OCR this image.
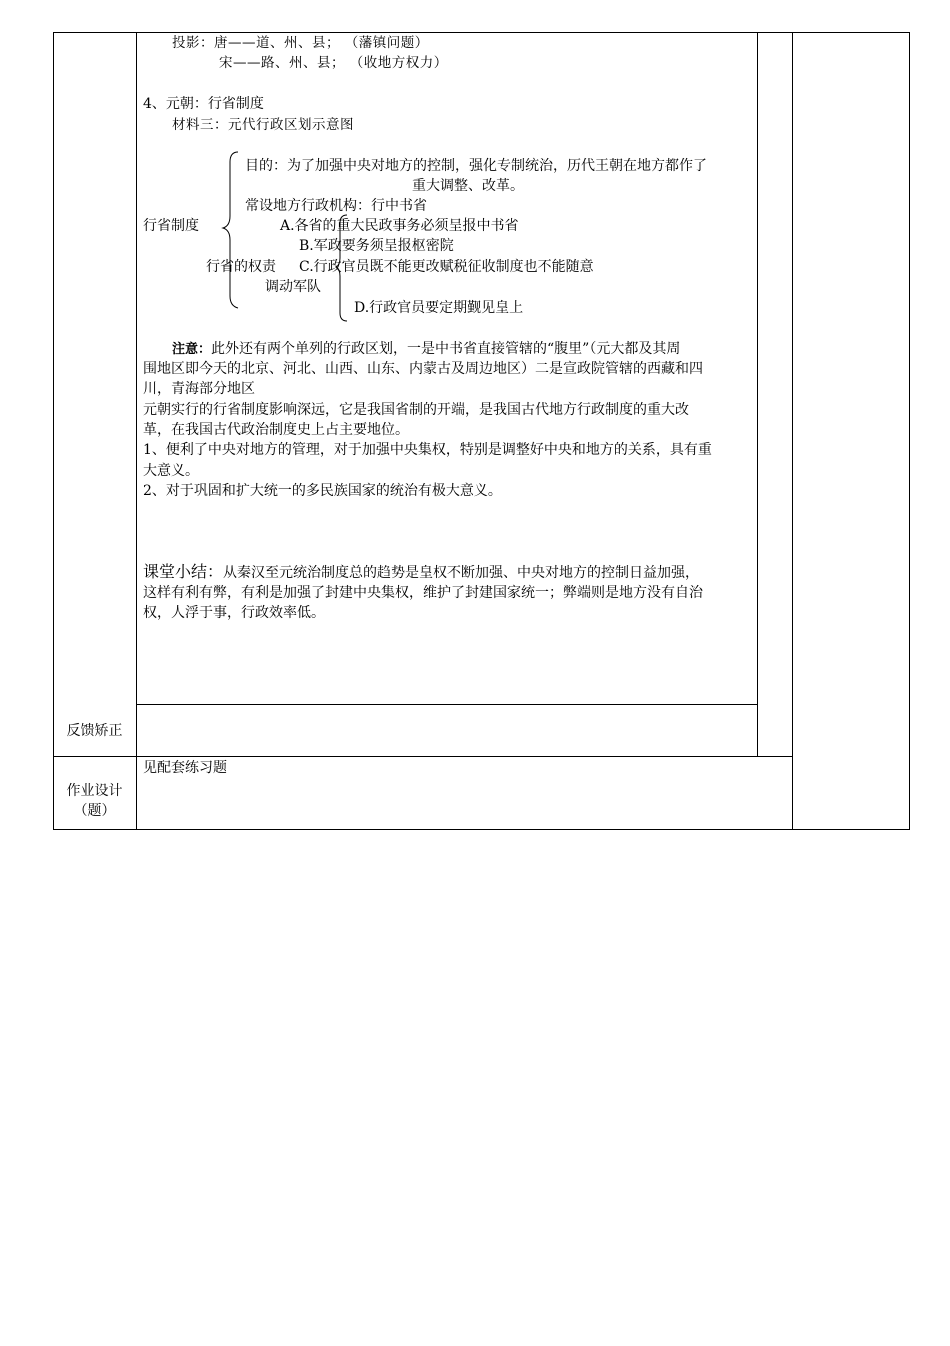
投影：唐——道、州、县； （藩镇问题）
宋——路、州、县； （收地方权力）
4、元朝：行省制度
材料三：元代行政区划示意图
行省制度
目的：为了加强中央对地方的控制，强化专制统治，历代王朝在地方都作了
重大调整、改革。
常设地方行政机构：行中书省
A.各省的重大民政事务必须呈报中书省
B.军政要务须呈报枢密院
行省的权责 C.行政官员既不能更改赋税征收制度也不能随意
调动军队
D.行政官员要定期觐见皇上
注意：此外还有两个单列的行政区划，一是中书省直接管辖的“腹里”（元大都及其周
围地区即今天的北京、河北、山西、山东、内蒙古及周边地区）二是宣政院管辖的西藏和四
川，青海部分地区
元朝实行的行省制度影响深远，它是我国省制的开端，是我国古代地方行政制度的重大改
革，在我国古代政治制度史上占主要地位。
1、便利了中央对地方的管理，对于加强中央集权，特别是调整好中央和地方的关系，具有重
大意义。
2、对于巩固和扩大统一的多民族国家的统治有极大意义。
课堂小结：从秦汉至元统治制度总的趋势是皇权不断加强、中央对地方的控制日益加强，
这样有利有弊，有利是加强了封建中央集权，维护了封建国家统一；弊端则是地方没有自治
权，人浮于事，行政效率低。
反馈矫正
作业设计
（题）
见配套练习题
